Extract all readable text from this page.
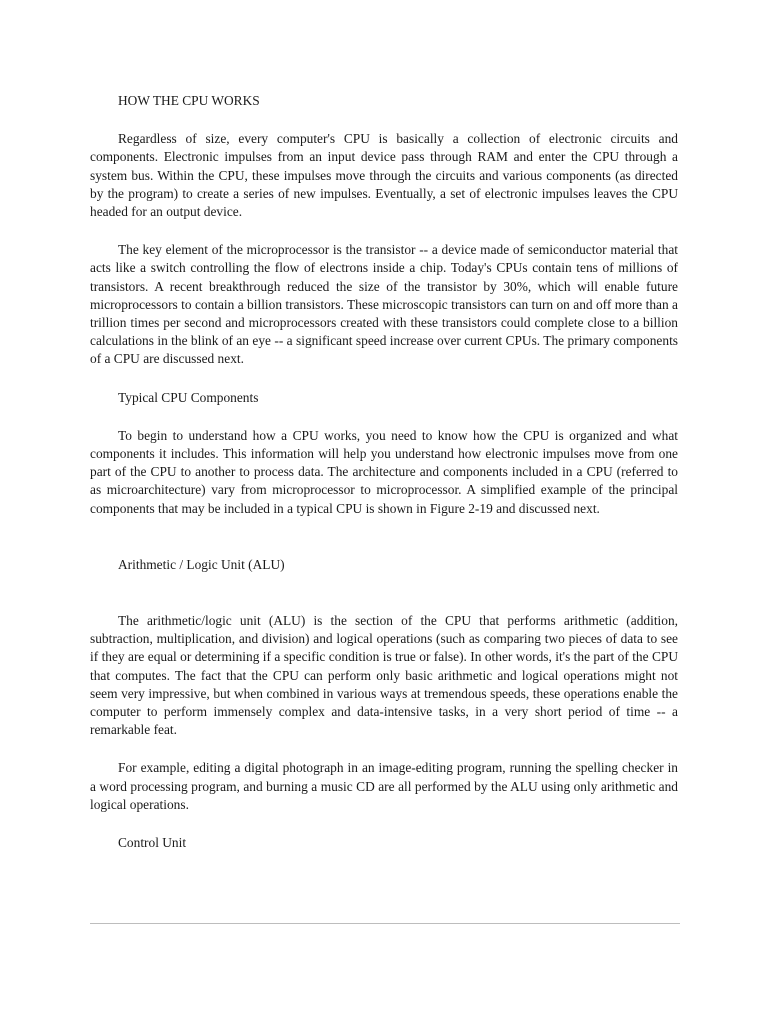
HOW THE CPU WORKS

Regardless of size, every computer's CPU is basically a collection of electronic circuits and components. Electronic impulses from an input device pass through RAM and enter the CPU through a system bus. Within the CPU, these impulses move through the circuits and various components (as directed by the program) to create a series of new impulses. Eventually, a set of electronic impulses leaves the CPU headed for an output device.

The key element of the microprocessor is the transistor -- a device made of semiconductor material that acts like a switch controlling the flow of electrons inside a chip. Today's CPUs contain tens of millions of transistors. A recent breakthrough reduced the size of the transistor by 30%, which will enable future microprocessors to contain a billion transistors. These microscopic transistors can turn on and off more than a trillion times per second and microprocessors created with these transistors could complete close to a billion calculations in the blink of an eye -- a significant speed increase over current CPUs. The primary components of a CPU are discussed next.

Typical CPU Components

To begin to understand how a CPU works, you need to know how the CPU is organized and what components it includes. This information will help you understand how electronic impulses move from one part of the CPU to another to process data. The architecture and components included in a CPU (referred to as microarchitecture) vary from microprocessor to microprocessor. A simplified example of the principal components that may be included in a typical CPU is shown in Figure 2-19 and discussed next.

Arithmetic / Logic Unit (ALU)

The arithmetic/logic unit (ALU) is the section of the CPU that performs arithmetic (addition, subtraction, multiplication, and division) and logical operations (such as comparing two pieces of data to see if they are equal or determining if a specific condition is true or false). In other words, it's the part of the CPU that computes. The fact that the CPU can perform only basic arithmetic and logical operations might not seem very impressive, but when combined in various ways at tremendous speeds, these operations enable the computer to perform immensely complex and data-intensive tasks, in a very short period of time -- a remarkable feat.

For example, editing a digital photograph in an image-editing program, running the spelling checker in a word processing program, and burning a music CD are all performed by the ALU using only arithmetic and logical operations.

Control Unit
